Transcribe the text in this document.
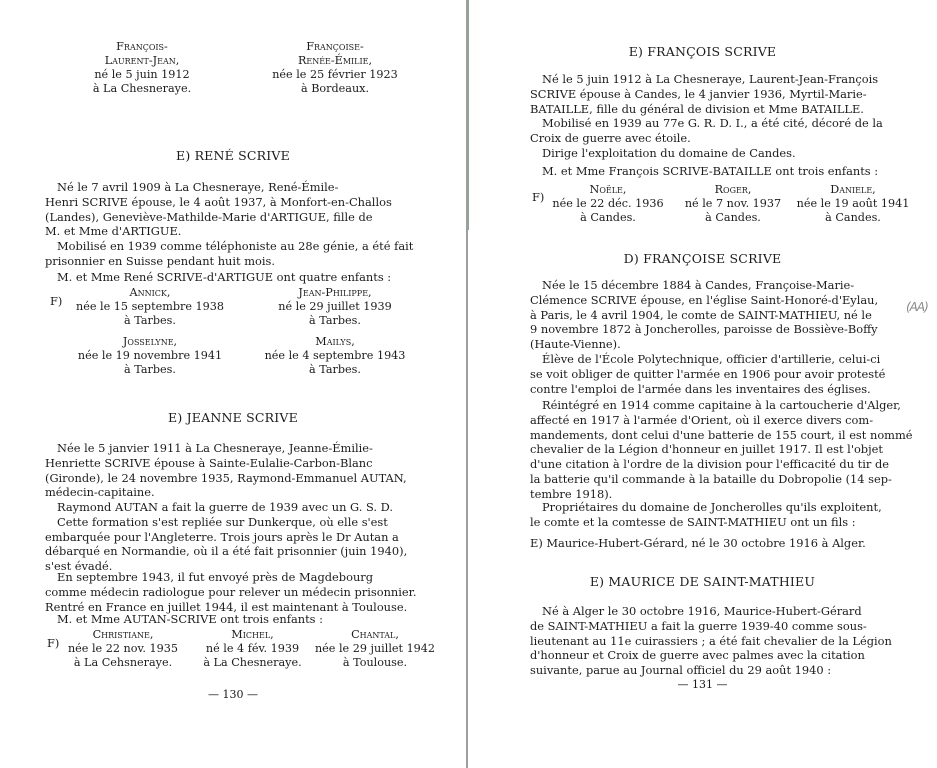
François-
Laurent-Jean,
né le 5 juin 1912
à La Chesneraye.
Françoise-
Renée-Émilie,
née le 25 février 1923
à Bordeaux.
E) RENÉ SCRIVE
Né le 7 avril 1909 à La Chesneraye, René-Émile-
Henri SCRIVE épouse, le 4 août 1937, à Monfort-en-Challos
(Landes), Geneviève-Mathilde-Marie d'ARTIGUE, fille de
M. et Mme d'ARTIGUE.
Mobilisé en 1939 comme téléphoniste au 28e génie, a été fait
prisonnier en Suisse pendant huit mois.
M. et Mme René SCRIVE-d'ARTIGUE ont quatre enfants :
F)
Annick,
née le 15 septembre 1938
à Tarbes.
Jean-Philippe,
né le 29 juillet 1939
à Tarbes.
Josselyne,
née le 19 novembre 1941
à Tarbes.
Mailys,
née le 4 septembre 1943
à Tarbes.
E) JEANNE SCRIVE
Née le 5 janvier 1911 à La Chesneraye, Jeanne-Émilie-
Henriette SCRIVE épouse à Sainte-Eulalie-Carbon-Blanc
(Gironde), le 24 novembre 1935, Raymond-Emmanuel AUTAN,
médecin-capitaine.
Raymond AUTAN a fait la guerre de 1939 avec un G. S. D.
Cette formation s'est repliée sur Dunkerque, où elle s'est
embarquée pour l'Angleterre. Trois jours après le Dr Autan a
débarqué en Normandie, où il a été fait prisonnier (juin 1940),
s'est évadé.
En septembre 1943, il fut envoyé près de Magdebourg
comme médecin radiologue pour relever un médecin prisonnier.
Rentré en France en juillet 1944, il est maintenant à Toulouse.
M. et Mme AUTAN-SCRIVE ont trois enfants :
F)
Christiane,
née le 22 nov. 1935
à La Cehsneraye.
Michel,
né le 4 fév. 1939
à La Chesneraye.
Chantal,
née le 29 juillet 1942
à Toulouse.
— 130 —
E) FRANÇOIS SCRIVE
Né le 5 juin 1912 à La Chesneraye, Laurent-Jean-François
SCRIVE épouse à Candes, le 4 janvier 1936, Myrtil-Marie-
BATAILLE, fille du général de division et Mme BATAILLE.
Mobilisé en 1939 au 77e G. R. D. I., a été cité, décoré de la
Croix de guerre avec étoile.
Dirige l'exploitation du domaine de Candes.
M. et Mme François SCRIVE-BATAILLE ont trois enfants :
F)
Noële,
née le 22 déc. 1936
à Candes.
Roger,
né le 7 nov. 1937
à Candes.
Daniele,
née le 19 août 1941
à Candes.
D) FRANÇOISE SCRIVE
Née le 15 décembre 1884 à Candes, Françoise-Marie-
Clémence SCRIVE épouse, en l'église Saint-Honoré-d'Eylau,
à Paris, le 4 avril 1904, le comte de SAINT-MATHIEU, né le
9 novembre 1872 à Joncherolles, paroisse de Bossiève-Boffy
(Haute-Vienne).
(AA)
Élève de l'École Polytechnique, officier d'artillerie, celui-ci
se voit obliger de quitter l'armée en 1906 pour avoir protesté
contre l'emploi de l'armée dans les inventaires des églises.
Réintégré en 1914 comme capitaine à la cartoucherie d'Alger,
affecté en 1917 à l'armée d'Orient, où il exerce divers com-
mandements, dont celui d'une batterie de 155 court, il est nommé
chevalier de la Légion d'honneur en juillet 1917. Il est l'objet
d'une citation à l'ordre de la division pour l'efficacité du tir de
la batterie qu'il commande à la bataille du Dobropolie (14 sep-
tembre 1918).
Propriétaires du domaine de Joncherolles qu'ils exploitent,
le comte et la comtesse de SAINT-MATHIEU ont un fils :
E) Maurice-Hubert-Gérard, né le 30 octobre 1916 à Alger.
E) MAURICE DE SAINT-MATHIEU
Né à Alger le 30 octobre 1916, Maurice-Hubert-Gérard
de SAINT-MATHIEU a fait la guerre 1939-40 comme sous-
lieutenant au 11e cuirassiers ; a été fait chevalier de la Légion
d'honneur et Croix de guerre avec palmes avec la citation
suivante, parue au Journal officiel du 29 août 1940 :
— 131 —
